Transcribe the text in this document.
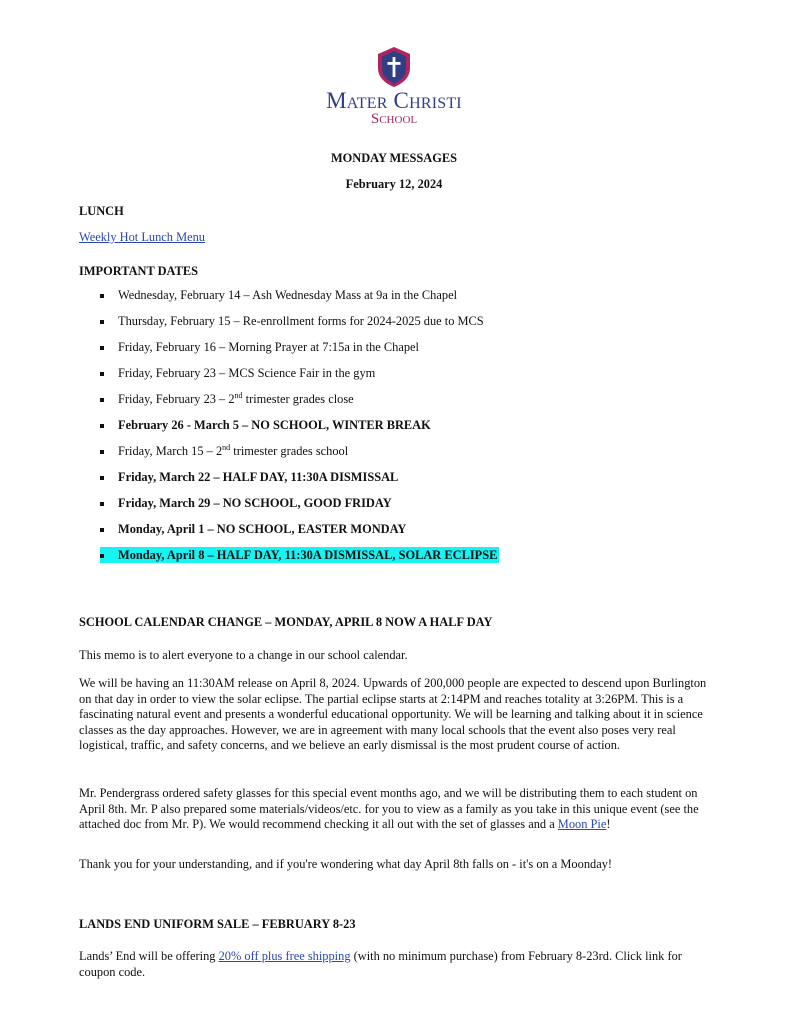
Mater Christi
School
MONDAY MESSAGES
February 12, 2024
LUNCH
Weekly Hot Lunch Menu
IMPORTANT DATES
Wednesday, February 14 – Ash Wednesday Mass at 9a in the Chapel
Thursday, February 15 – Re-enrollment forms for 2024-2025 due to MCS
Friday, February 16 – Morning Prayer at 7:15a in the Chapel
Friday, February 23 – MCS Science Fair in the gym
Friday, February 23 – 2nd trimester grades close
February 26 - March 5 – NO SCHOOL, WINTER BREAK
Friday, March 15 – 2nd trimester grades school
Friday, March 22 – HALF DAY, 11:30A DISMISSAL
Friday, March 29 – NO SCHOOL, GOOD FRIDAY
Monday, April 1 – NO SCHOOL, EASTER MONDAY
Monday, April 8 – HALF DAY, 11:30A DISMISSAL, SOLAR ECLIPSE
SCHOOL CALENDAR CHANGE – MONDAY, APRIL 8 NOW A HALF DAY

This memo is to alert everyone to a change in our school calendar.

We will be having an 11:30AM release on April 8, 2024. Upwards of 200,000 people are expected to descend upon Burlington on that day in order to view the solar eclipse. The partial eclipse starts at 2:14PM and reaches totality at 3:26PM. This is a fascinating natural event and presents a wonderful educational opportunity. We will be learning and talking about it in science classes as the day approaches. However, we are in agreement with many local schools that the event also poses very real logistical, traffic, and safety concerns, and we believe an early dismissal is the most prudent course of action.

Mr. Pendergrass ordered safety glasses for this special event months ago, and we will be distributing them to each student on April 8th. Mr. P also prepared some materials/videos/etc. for you to view as a family as you take in this unique event (see the attached doc from Mr. P). We would recommend checking it all out with the set of glasses and a Moon Pie!

Thank you for your understanding, and if you're wondering what day April 8th falls on - it's on a Moonday!

LANDS END UNIFORM SALE – FEBRUARY 8-23

Lands’ End will be offering 20% off plus free shipping (with no minimum purchase) from February 8-23rd. Click link for coupon code.
